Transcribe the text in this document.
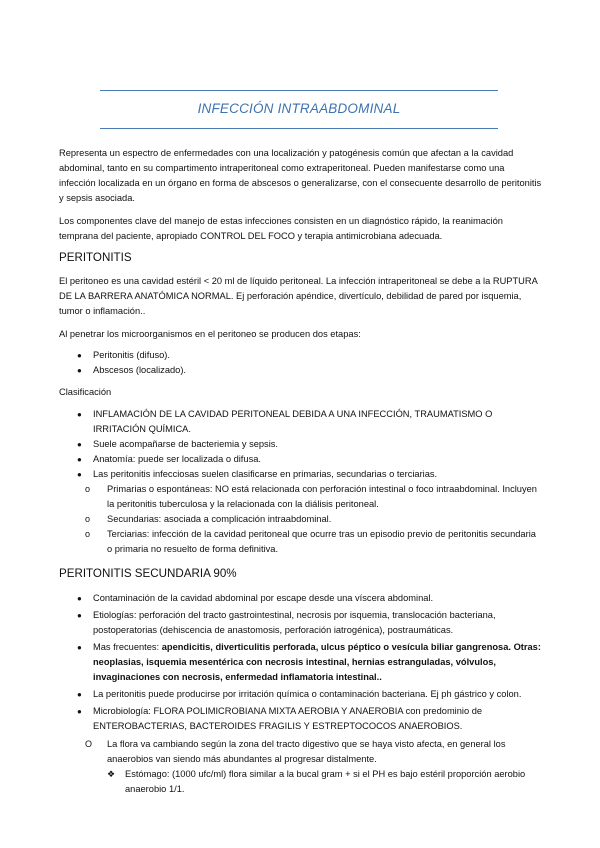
INFECCIÓN INTRAABDOMINAL

Representa un espectro de enfermedades con una localización y patogénesis común que afectan a la cavidad abdominal, tanto en su compartimento intraperitoneal como extraperitoneal. Pueden manifestarse como una infección localizada en un órgano en forma de abscesos o generalizarse, con el consecuente desarrollo de peritonitis y sepsis asociada.

Los componentes clave del manejo de estas infecciones consisten en un diagnóstico rápido, la reanimación temprana del paciente, apropiado CONTROL DEL FOCO y terapia antimicrobiana adecuada.

PERITONITIS

El peritoneo es una cavidad estéril < 20 ml de líquido peritoneal. La infección intraperitoneal se debe a la RUPTURA DE LA BARRERA ANATÓMICA NORMAL. Ej perforación apéndice, divertículo, debilidad de pared por isquemia, tumor o inflamación..

Al penetrar los microorganismos en el peritoneo se producen dos etapas:

● Peritonitis (difuso).
● Abscesos (localizado).

Clasificación

● INFLAMACIÓN DE LA CAVIDAD PERITONEAL DEBIDA A UNA INFECCIÓN, TRAUMATISMO O IRRITACIÓN QUÍMICA.
● Suele acompañarse de bacteriemia y sepsis.
● Anatomía: puede ser localizada o difusa.
● Las peritonitis infecciosas suelen clasificarse en primarias, secundarias o terciarias.
o Primarias o espontáneas: NO está relacionada con perforación intestinal o foco intraabdominal. Incluyen la peritonitis tuberculosa y la relacionada con la diálisis peritoneal.
o Secundarias: asociada a complicación intraabdominal.
o Terciarias: infección de la cavidad peritoneal que ocurre tras un episodio previo de peritonitis secundaria o primaria no resuelto de forma definitiva.
PERITONITIS SECUNDARIA 90%
● Contaminación de la cavidad abdominal por escape desde una víscera abdominal.
● Etiologías: perforación del tracto gastrointestinal, necrosis por isquemia, translocación bacteriana, postoperatorias (dehiscencia de anastomosis, perforación iatrogénica), postraumáticas.
● Mas frecuentes: apendicitis, diverticulitis perforada, ulcus péptico o vesícula biliar gangrenosa. Otras: neoplasias, isquemia mesentérica con necrosis intestinal, hernias estranguladas, vólvulos, invaginaciones con necrosis, enfermedad inflamatoria intestinal..
● La peritonitis puede producirse por irritación química o contaminación bacteriana. Ej ph gástrico y colon.
● Microbiología: FLORA POLIMICROBIANA MIXTA AEROBIA Y ANAEROBIA con predominio de ENTEROBACTERIAS, BACTEROIDES FRAGILIS Y ESTREPTOCOCOS ANAEROBIOS.
O La flora va cambiando según la zona del tracto digestivo que se haya visto afecta, en general los anaerobios van siendo más abundantes al progresar distalmente.
❖ Estómago: (1000 ufc/ml) flora similar a la bucal gram + si el PH es bajo estéril proporción aerobio anaerobio 1/1.
